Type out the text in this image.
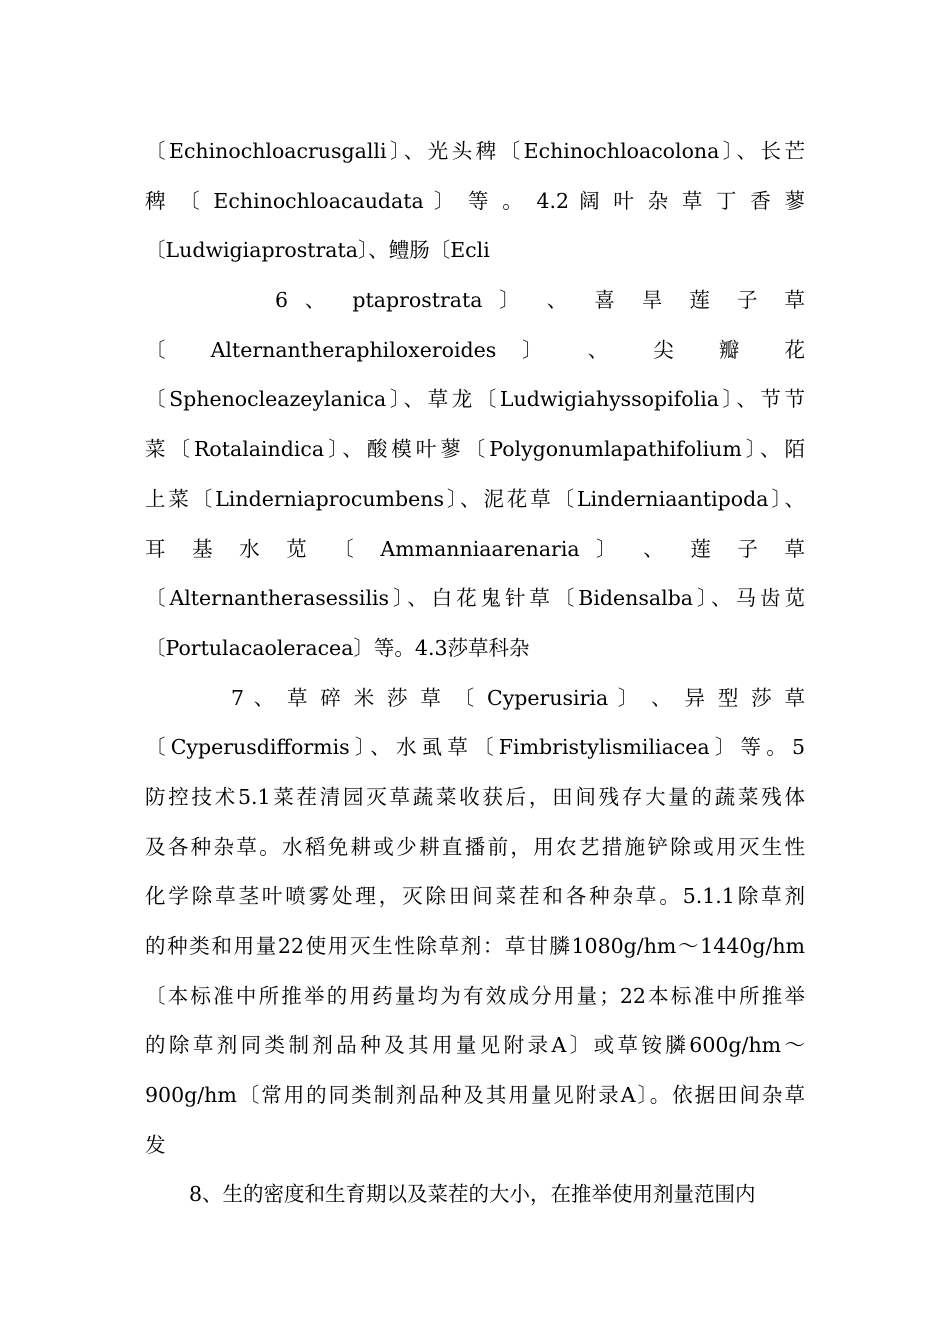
〔Echinochloacrusgalli〕、光头稗〔Echinochloacolona〕、长芒
稗 〔 Echinochloacaudata 〕 等 。 4.2 阔 叶 杂 草 丁 香 蓼
〔Ludwigiaprostrata〕、鳢肠〔Ecli
6 、 ptaprostrata 〕 、 喜 旱 莲 子 草
〔 Alternantheraphiloxeroides 〕 、 尖 瓣 花
〔Sphenocleazeylanica〕、草龙〔Ludwigiahyssopifolia〕、节节
菜〔Rotalaindica〕、酸模叶蓼〔Polygonumlapathifolium〕、陌
上菜〔Linderniaprocumbens〕、泥花草〔Linderniaantipoda〕、
耳 基 水 苋 〔 Ammanniaarenaria 〕 、 莲 子 草
〔Alternantherasessilis〕、白花鬼针草〔Bidensalba〕、马齿苋
〔Portulacaoleracea〕等。4.3莎草科杂
7 、 草 碎 米 莎 草 〔 Cyperusiria 〕 、 异 型 莎 草
〔Cyperusdifformis〕、水虱草〔Fimbristylismiliacea〕等。5
防控技术5.1菜茬清园灭草蔬菜收获后，田间残存大量的蔬菜残体
及各种杂草。水稻免耕或少耕直播前，用农艺措施铲除或用灭生性
化学除草茎叶喷雾处理，灭除田间菜茬和各种杂草。5.1.1除草剂
的种类和用量22使用灭生性除草剂：草甘膦1080g/hm～1440g/hm
〔本标准中所推举的用药量均为有效成分用量；22本标准中所推举
的除草剂同类制剂品种及其用量见附录A〕或草铵膦600g/hm～
900g/hm〔常用的同类制剂品种及其用量见附录A〕。依据田间杂草
发
8、生的密度和生育期以及菜茬的大小，在推举使用剂量范围内
